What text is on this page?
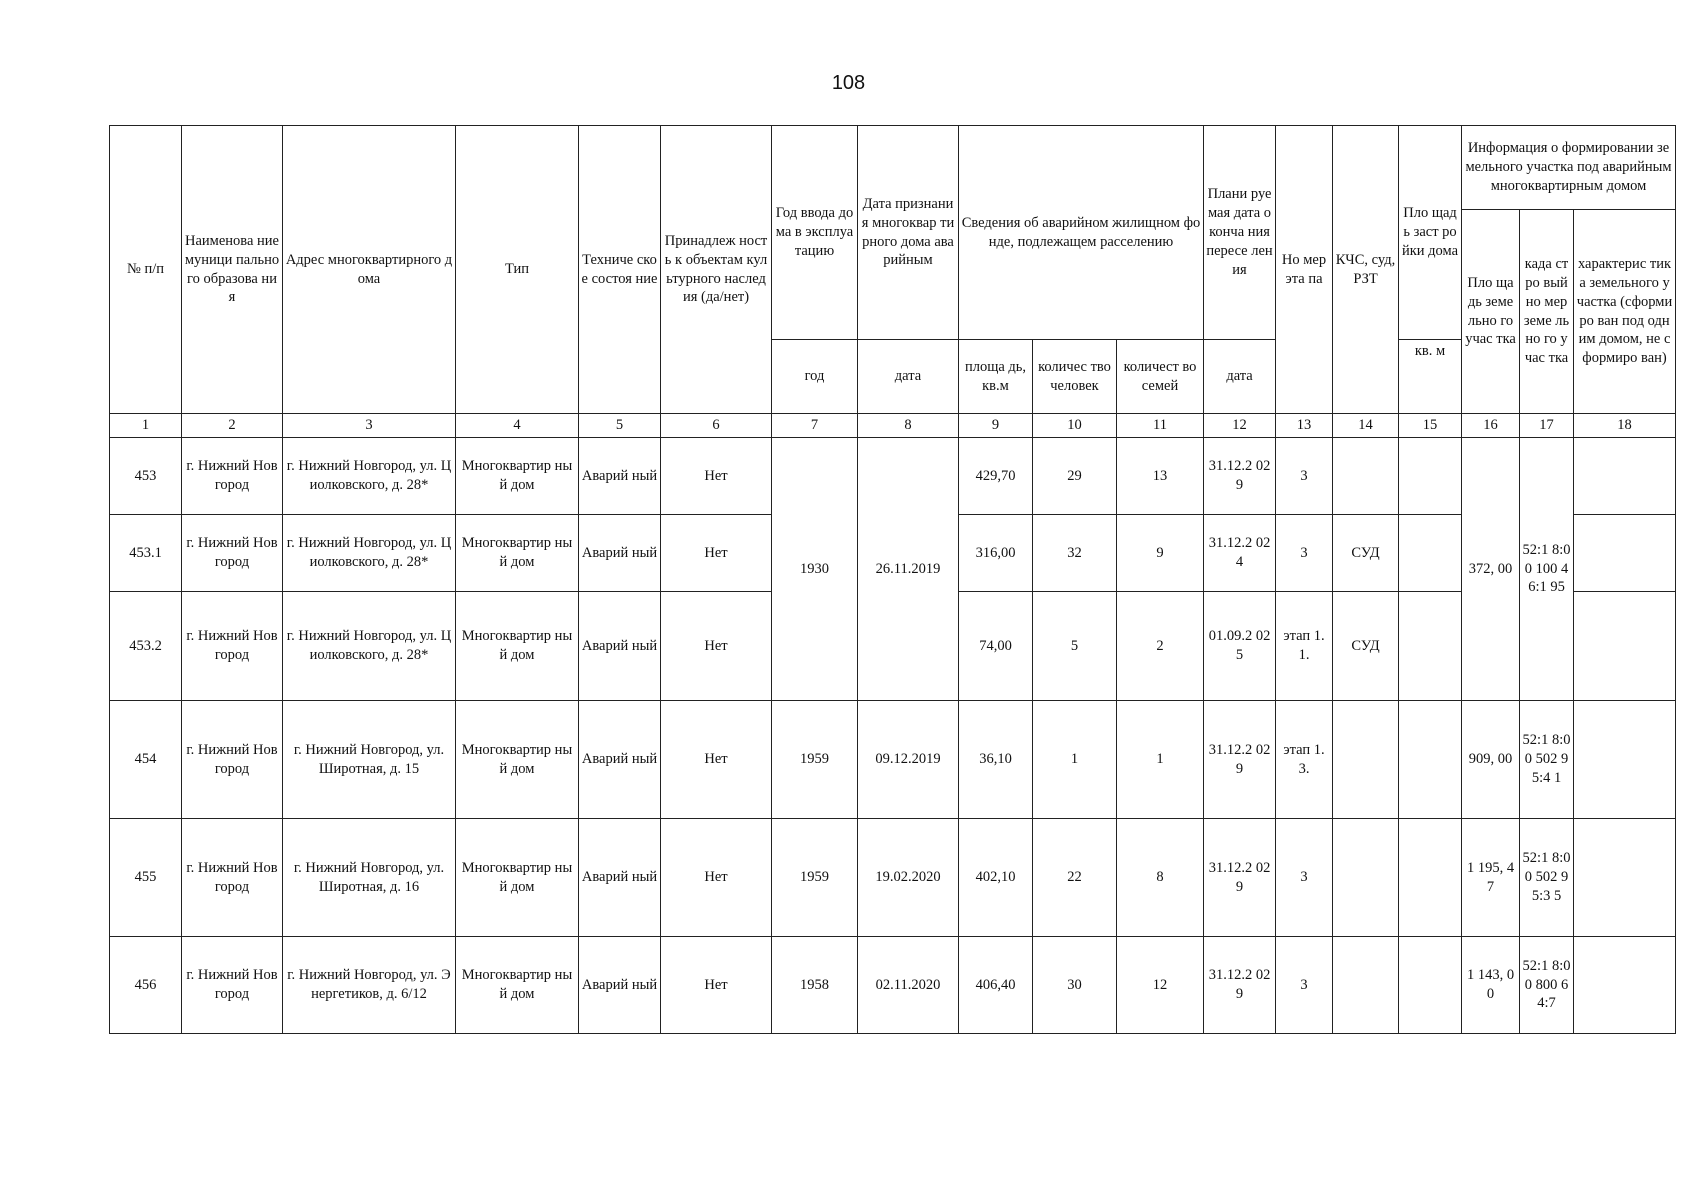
108
№ п/п	Наименова ние муници пального образова ния	Адрес многоквартирного дома	Тип	Техниче ское состоя ние	Принадлеж ность к объектам культурного наследия (да/нет)	Год ввода дома в эксплуа тацию	Дата признания многоквар тирного дома аварийным	Сведения об аварийном жилищном фонде, подлежащем расселению			Плани руемая дата оконча ния пересе ления	Но мер эта па	КЧС, суд, РЗТ	Пло щадь заст ройки дома	Информация о формировании земельного участка под аварийным многоквартирным домом		
															Пло щадь земе льно го учас тка	када стро вый но мер земе льно го учас тка	характерис тика земельного участка (сформиро ван под одним домом, не сформиро ван)
						год	дата	площа дь, кв.м	количес тво человек	количест во семей	дата			кв. м			
1	2	3	4	5	6	7	8	9	10	11	12	13	14	15	16	17	18
453	г. Нижний Новгород	г. Нижний Новгород, ул. Циолковского, д. 28*	Многоквартир ный дом	Аварий ный	Нет	1930	26.11.2019	429,70	29	13	31.12.2 029	3			372, 00	52:1 8:00 100 46:1 95	
453.1	г. Нижний Новгород	г. Нижний Новгород, ул. Циолковского, д. 28*	Многоквартир ный дом	Аварий ный	Нет			316,00	32	9	31.12.2 024	3	СУД				
453.2	г. Нижний Новгород	г. Нижний Новгород, ул. Циолковского, д. 28*	Многоквартир ный дом	Аварий ный	Нет			74,00	5	2	01.09.2 025	этап 1.1.	СУД				
454	г. Нижний Новгород	г. Нижний Новгород, ул. Широтная, д. 15	Многоквартир ный дом	Аварий ный	Нет	1959	09.12.2019	36,10	1	1	31.12.2 029	этап 1.3.			909, 00	52:1 8:00 502 95:4 1	
455	г. Нижний Новгород	г. Нижний Новгород, ул. Широтная, д. 16	Многоквартир ный дом	Аварий ный	Нет	1959	19.02.2020	402,10	22	8	31.12.2 029	3			1 195, 47	52:1 8:00 502 95:3 5	
456	г. Нижний Новгород	г. Нижний Новгород, ул. Энергетиков, д. 6/12	Многоквартир ный дом	Аварий ный	Нет	1958	02.11.2020	406,40	30	12	31.12.2 029	3			1 143, 00	52:1 8:00 800 64:7	
